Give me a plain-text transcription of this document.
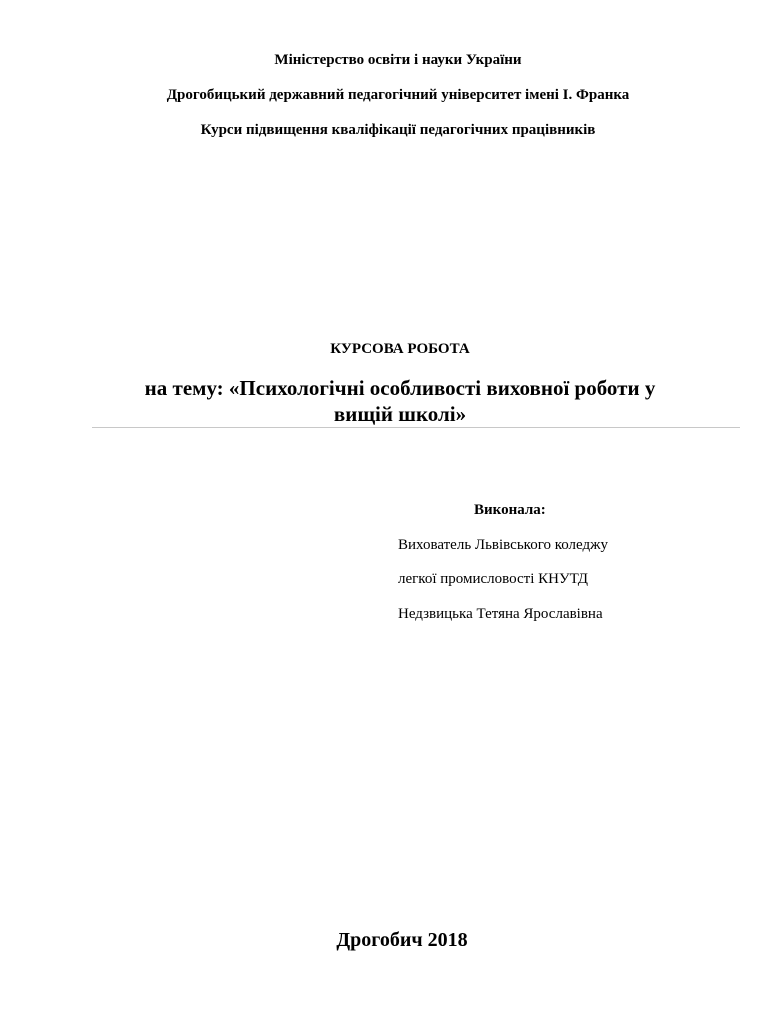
Міністерство освіти і науки України
Дрогобицький державний педагогічний університет імені І. Франка
Курси підвищення кваліфікації педагогічних працівників
КУРСОВА РОБОТА
на тему: «Психологічні особливості виховної роботи у
вищій школі»
Виконала:
Вихователь Львівського коледжу
легкої промисловості КНУТД
Недзвицька Тетяна Ярославівна
Дрогобич 2018
